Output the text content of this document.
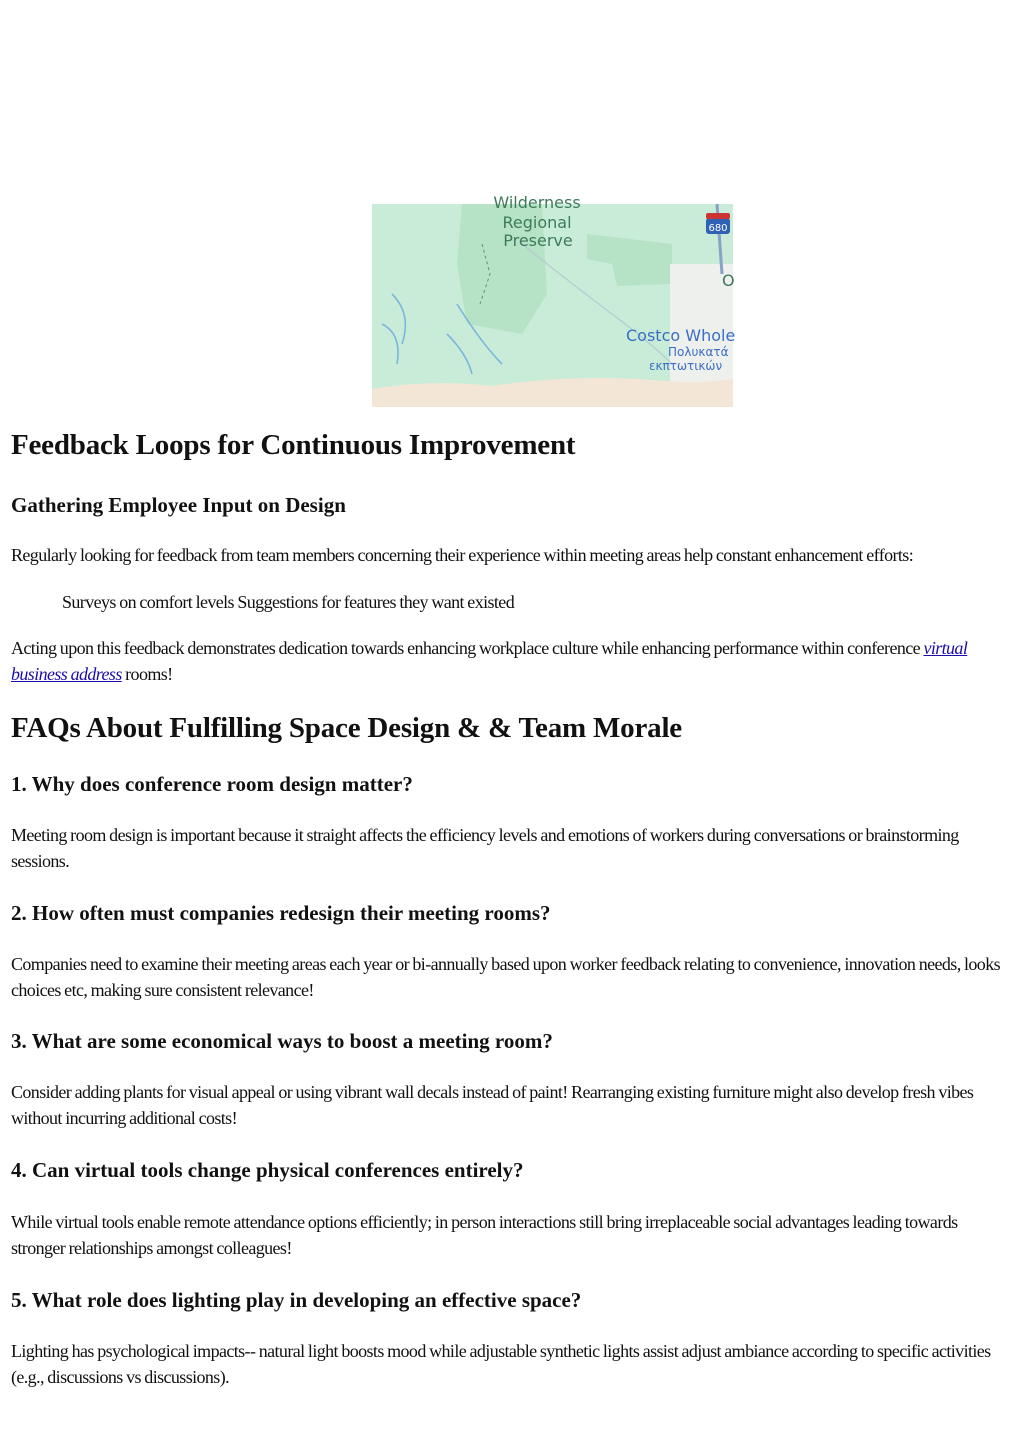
680
Wilderness
Regional
Preserve
O
Costco Whole
Πολυκατά
εκπτωτικών
Feedback Loops for Continuous Improvement
Gathering Employee Input on Design

Regularly looking for feedback from team members concerning their experience within meeting areas help constant enhancement efforts:

Surveys on comfort levels Suggestions for features they want existed

Acting upon this feedback demonstrates dedication towards enhancing workplace culture while enhancing performance within conference virtual business address rooms!

FAQs About Fulfilling Space Design & & Team Morale
1. Why does conference room design matter?

Meeting room design is important because it straight affects the efficiency levels and emotions of workers during conversations or brainstorming sessions.

2. How often must companies redesign their meeting rooms?

Companies need to examine their meeting areas each year or bi-annually based upon worker feedback relating to convenience, innovation needs, looks choices etc, making sure consistent relevance!

3. What are some economical ways to boost a meeting room?

Consider adding plants for visual appeal or using vibrant wall decals instead of paint! Rearranging existing furniture might also develop fresh vibes without incurring additional costs!

4. Can virtual tools change physical conferences entirely?

While virtual tools enable remote attendance options efficiently; in person interactions still bring irreplaceable social advantages leading towards stronger relationships amongst colleagues!

5. What role does lighting play in developing an effective space?

Lighting has psychological impacts-- natural light boosts mood while adjustable synthetic lights assist adjust ambiance according to specific activities (e.g., discussions vs discussions).
